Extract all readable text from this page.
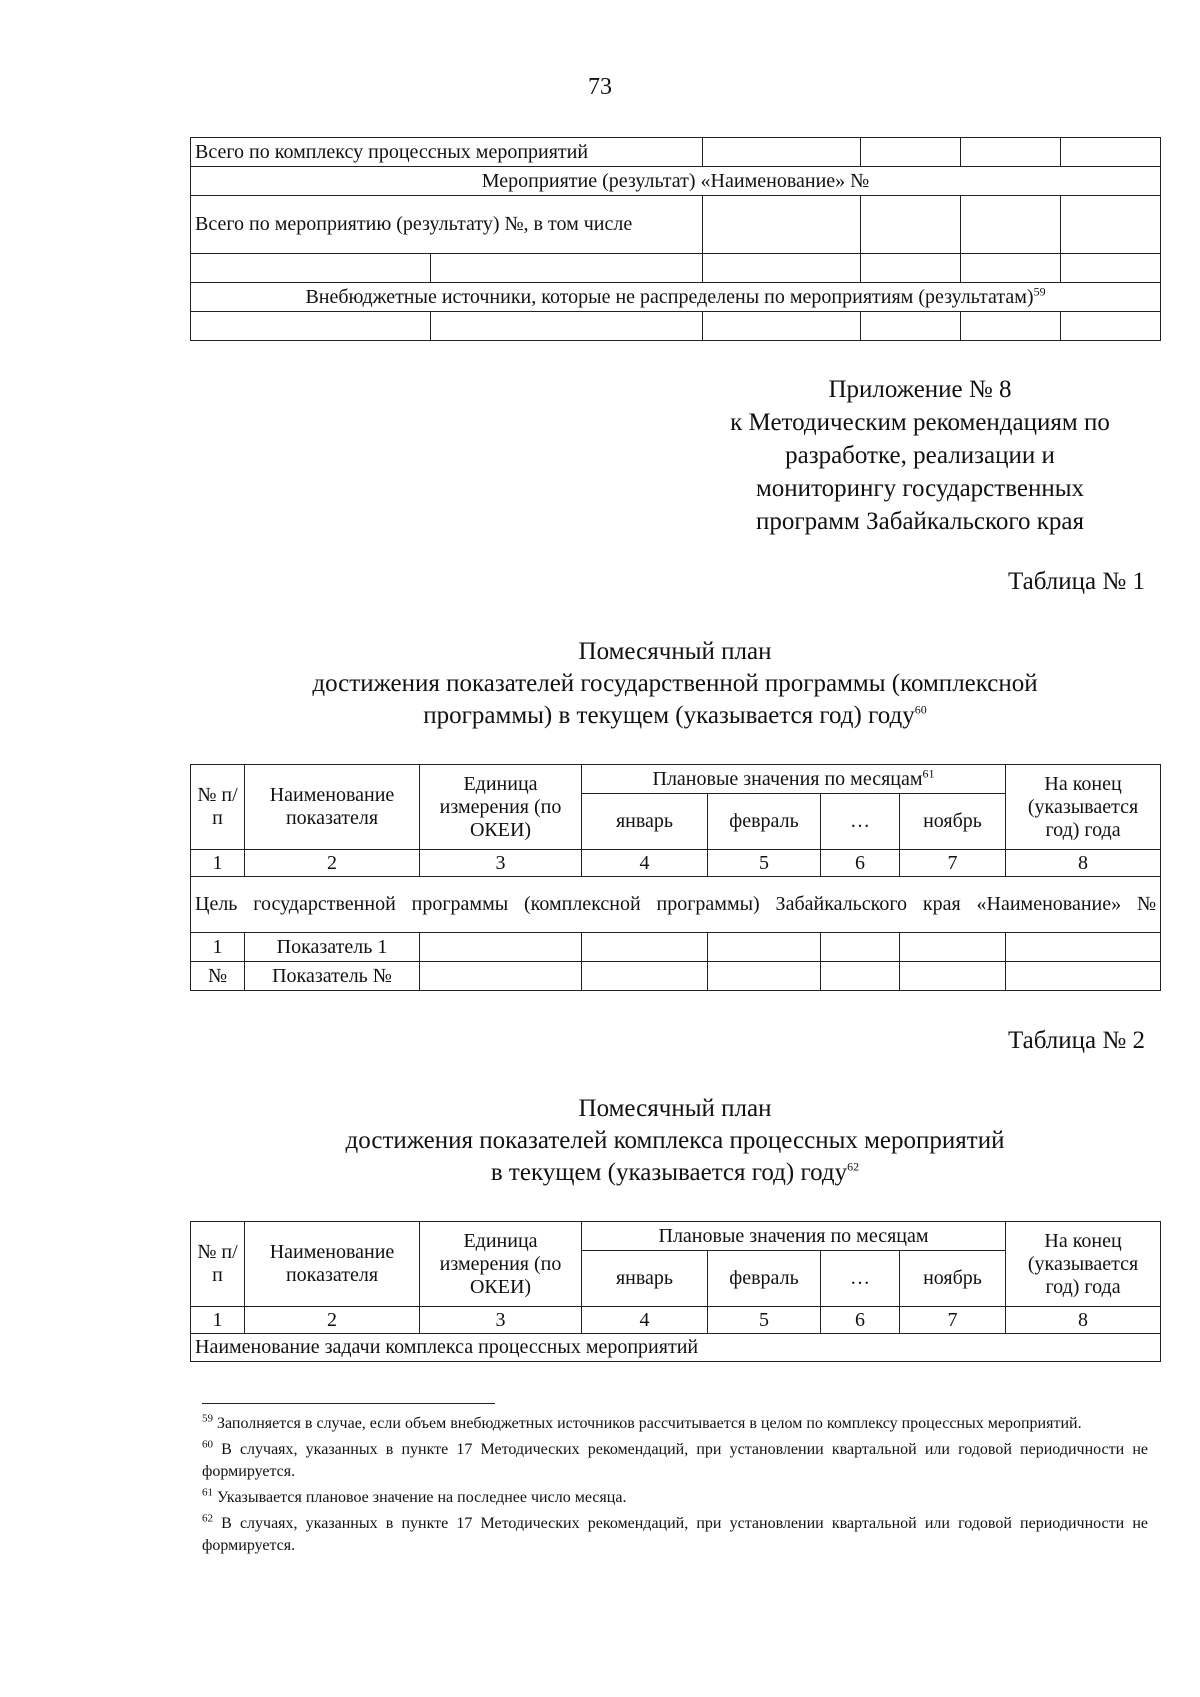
73
Всего по комплексу процессных мероприятий					
Мероприятие (результат) «Наименование» №					
Всего по мероприятию (результату) №, в том числе					

Внебюджетные источники, которые не распределены по мероприятиям (результатам)$^{59}$

Приложение № 8
к Методическим рекомендациям по
разработке, реализации и
мониторингу государственных
программ Забайкальского края
Таблица № 1
Помесячный план
достижения показателей государственной программы (комплексной
программы) в текущем (указывается год) году$^{60}$
№ п/п	Наименование показателя	Единица измерения (по ОКЕИ)	Плановые значения по месяцам$^{61}$				На конец (указывается год) года
			январь	февраль	…	ноябрь	
1	2	3	4	5	6	7	8
Цель государственной программы (комплексной программы) Забайкальского края «Наименование» №							
1	Показатель 1						
№	Показатель №						
Таблица № 2
Помесячный план
достижения показателей комплекса процессных мероприятий
в текущем (указывается год) году$^{62}$
№ п/п	Наименование показателя	Единица измерения (по ОКЕИ)	Плановые значения по месяцам				На конец (указывается год) года
			январь	февраль	…	ноябрь	
1	2	3	4	5	6	7	8
Наименование задачи комплекса процессных мероприятий							
$^{59}$ Заполняется в случае, если объем внебюджетных источников рассчитывается в целом по комплексу процессных мероприятий.
$^{60}$ В случаях, указанных в пункте 17 Методических рекомендаций, при установлении квартальной или годовой периодичности не формируется.
$^{61}$ Указывается плановое значение на последнее число месяца.
$^{62}$ В случаях, указанных в пункте 17 Методических рекомендаций, при установлении квартальной или годовой периодичности не формируется.
